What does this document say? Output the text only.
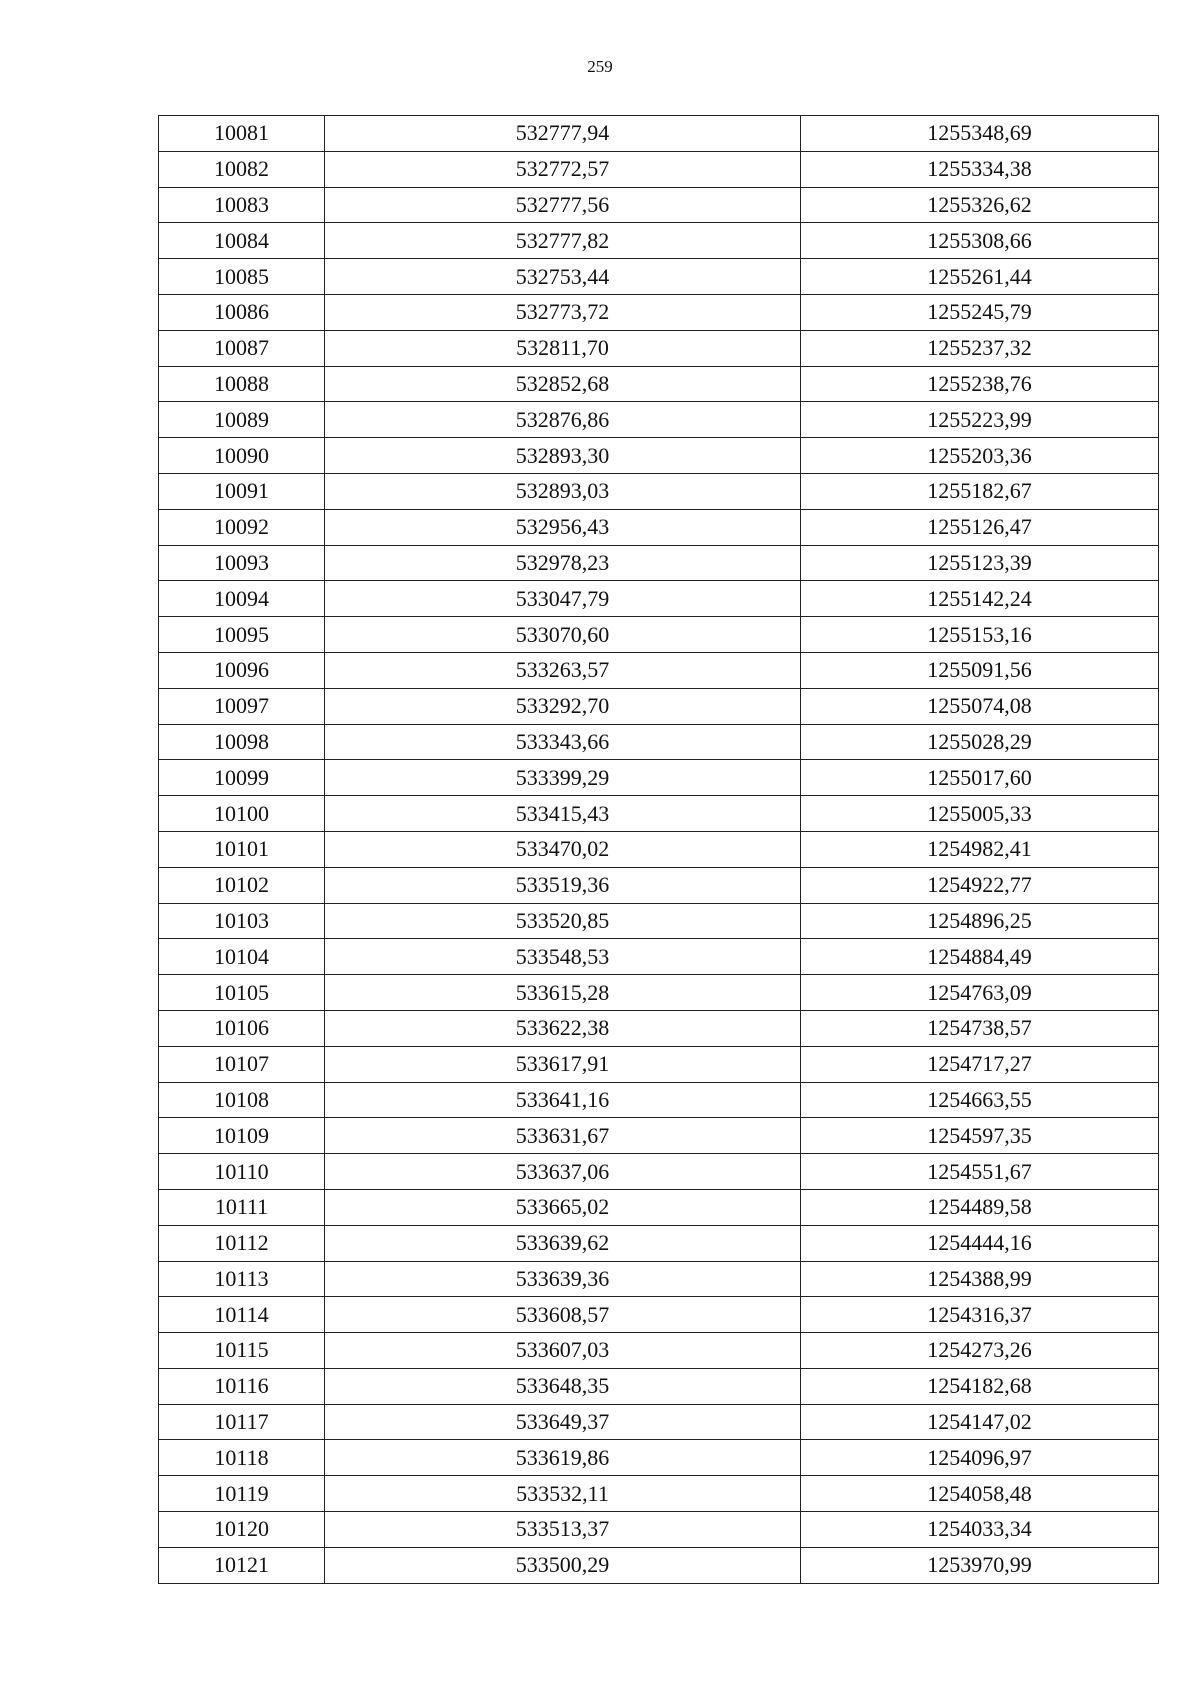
259
10081	532777,94	1255348,69
10082	532772,57	1255334,38
10083	532777,56	1255326,62
10084	532777,82	1255308,66
10085	532753,44	1255261,44
10086	532773,72	1255245,79
10087	532811,70	1255237,32
10088	532852,68	1255238,76
10089	532876,86	1255223,99
10090	532893,30	1255203,36
10091	532893,03	1255182,67
10092	532956,43	1255126,47
10093	532978,23	1255123,39
10094	533047,79	1255142,24
10095	533070,60	1255153,16
10096	533263,57	1255091,56
10097	533292,70	1255074,08
10098	533343,66	1255028,29
10099	533399,29	1255017,60
10100	533415,43	1255005,33
10101	533470,02	1254982,41
10102	533519,36	1254922,77
10103	533520,85	1254896,25
10104	533548,53	1254884,49
10105	533615,28	1254763,09
10106	533622,38	1254738,57
10107	533617,91	1254717,27
10108	533641,16	1254663,55
10109	533631,67	1254597,35
10110	533637,06	1254551,67
10111	533665,02	1254489,58
10112	533639,62	1254444,16
10113	533639,36	1254388,99
10114	533608,57	1254316,37
10115	533607,03	1254273,26
10116	533648,35	1254182,68
10117	533649,37	1254147,02
10118	533619,86	1254096,97
10119	533532,11	1254058,48
10120	533513,37	1254033,34
10121	533500,29	1253970,99
